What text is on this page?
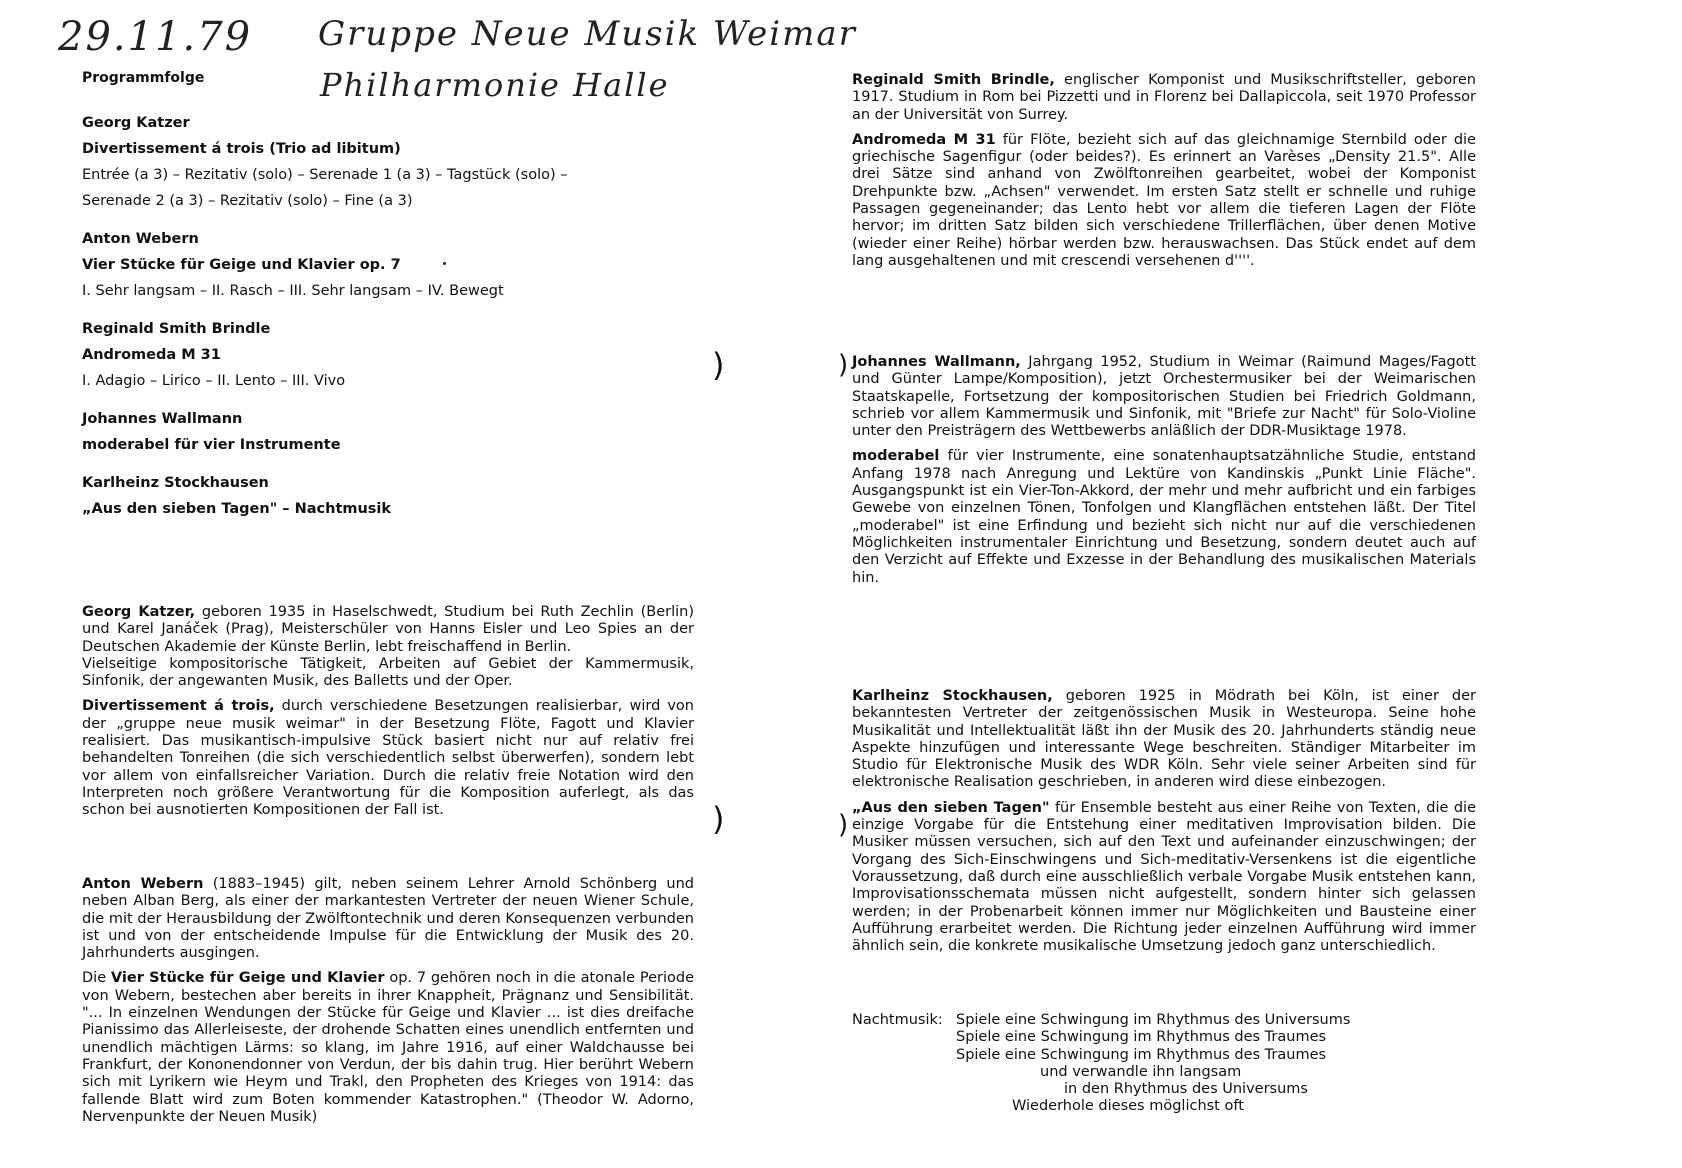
29.11.79 Gruppe Neue Musik Weimar
Philharmonie Halle
Programmfolge
Georg Katzer
Divertissement á trois (Trio ad libitum)
Entrée (a 3) – Rezitativ (solo) – Serenade 1 (a 3) – Tagstück (solo) –
Serenade 2 (a 3) – Rezitativ (solo) – Fine (a 3)
Anton Webern
Vier Stücke für Geige und Klavier op. 7
I. Sehr langsam – II. Rasch – III. Sehr langsam – IV. Bewegt
Reginald Smith Brindle
Andromeda M 31
I. Adagio – Lirico – II. Lento – III. Vivo
Johannes Wallmann
moderabel für vier Instrumente
Karlheinz Stockhausen
„Aus den sieben Tagen" – Nachtmusik

Georg Katzer, geboren 1935 in Haselschwedt, Studium bei Ruth Zechlin (Berlin) und Karel Janáček (Prag), Meisterschüler von Hanns Eisler und Leo Spies an der Deutschen Akademie der Künste Berlin, lebt freischaffend in Berlin.

Vielseitige kompositorische Tätigkeit, Arbeiten auf Gebiet der Kammermusik, Sinfonik, der angewanten Musik, des Balletts und der Oper.

Divertissement á trois, durch verschiedene Besetzungen realisierbar, wird von der „gruppe neue musik weimar" in der Besetzung Flöte, Fagott und Klavier realisiert. Das musikantisch-impulsive Stück basiert nicht nur auf relativ frei behandelten Tonreihen (die sich verschiedentlich selbst überwerfen), sondern lebt vor allem von einfallsreicher Variation. Durch die relativ freie Notation wird den Interpreten noch größere Verantwortung für die Komposition auferlegt, als das schon bei ausnotierten Kompositionen der Fall ist.

Anton Webern (1883–1945) gilt, neben seinem Lehrer Arnold Schönberg und neben Alban Berg, als einer der markantesten Vertreter der neuen Wiener Schule, die mit der Herausbildung der Zwölftontechnik und deren Konsequenzen verbunden ist und von der entscheidende Impulse für die Entwicklung der Musik des 20. Jahrhunderts ausgingen.

Die Vier Stücke für Geige und Klavier op. 7 gehören noch in die atonale Periode von Webern, bestechen aber bereits in ihrer Knappheit, Prägnanz und Sensibilität. "... In einzelnen Wendungen der Stücke für Geige und Klavier ... ist dies dreifache Pianissimo das Allerleiseste, der drohende Schatten eines unendlich entfernten und unendlich mächtigen Lärms: so klang, im Jahre 1916, auf einer Waldchausse bei Frankfurt, der Kononendonner von Verdun, der bis dahin trug. Hier berührt Webern sich mit Lyrikern wie Heym und Trakl, den Propheten des Krieges von 1914: das fallende Blatt wird zum Boten kommender Katastrophen." (Theodor W. Adorno, Nervenpunkte der Neuen Musik)

Reginald Smith Brindle, englischer Komponist und Musikschriftsteller, geboren 1917. Studium in Rom bei Pizzetti und in Florenz bei Dallapiccola, seit 1970 Professor an der Universität von Surrey.

Andromeda M 31 für Flöte, bezieht sich auf das gleichnamige Sternbild oder die griechische Sagenfigur (oder beides?). Es erinnert an Varèses „Density 21.5". Alle drei Sätze sind anhand von Zwölftonreihen gearbeitet, wobei der Komponist Drehpunkte bzw. „Achsen" verwendet. Im ersten Satz stellt er schnelle und ruhige Passagen gegeneinander; das Lento hebt vor allem die tieferen Lagen der Flöte hervor; im dritten Satz bilden sich verschiedene Trillerflächen, über denen Motive (wieder einer Reihe) hörbar werden bzw. herauswachsen. Das Stück endet auf dem lang ausgehaltenen und mit crescendi versehenen d''''.

Johannes Wallmann, Jahrgang 1952, Studium in Weimar (Raimund Mages/Fagott und Günter Lampe/Komposition), jetzt Orchestermusiker bei der Weimarischen Staatskapelle, Fortsetzung der kompositorischen Studien bei Friedrich Goldmann, schrieb vor allem Kammermusik und Sinfonik, mit "Briefe zur Nacht" für Solo-Violine unter den Preisträgern des Wettbewerbs anläßlich der DDR-Musiktage 1978.

moderabel für vier Instrumente, eine sonatenhauptsatzähnliche Studie, entstand Anfang 1978 nach Anregung und Lektüre von Kandinskis „Punkt Linie Fläche". Ausgangspunkt ist ein Vier-Ton-Akkord, der mehr und mehr aufbricht und ein farbiges Gewebe von einzelnen Tönen, Tonfolgen und Klangflächen entstehen läßt. Der Titel „moderabel" ist eine Erfindung und bezieht sich nicht nur auf die verschiedenen Möglichkeiten instrumentaler Einrichtung und Besetzung, sondern deutet auch auf den Verzicht auf Effekte und Exzesse in der Behandlung des musikalischen Materials hin.

Karlheinz Stockhausen, geboren 1925 in Mödrath bei Köln, ist einer der bekanntesten Vertreter der zeitgenössischen Musik in Westeuropa. Seine hohe Musikalität und Intellektualität läßt ihn der Musik des 20. Jahrhunderts ständig neue Aspekte hinzufügen und interessante Wege beschreiten. Ständiger Mitarbeiter im Studio für Elektronische Musik des WDR Köln. Sehr viele seiner Arbeiten sind für elektronische Realisation geschrieben, in anderen wird diese einbezogen.

„Aus den sieben Tagen" für Ensemble besteht aus einer Reihe von Texten, die die einzige Vorgabe für die Entstehung einer meditativen Improvisation bilden. Die Musiker müssen versuchen, sich auf den Text und aufeinander einzuschwingen; der Vorgang des Sich-Einschwingens und Sich-meditativ-Versenkens ist die eigentliche Voraussetzung, daß durch eine ausschließlich verbale Vorgabe Musik entstehen kann, Improvisationsschemata müssen nicht aufgestellt, sondern hinter sich gelassen werden; in der Probenarbeit können immer nur Möglichkeiten und Bausteine einer Aufführung erarbeitet werden. Die Richtung jeder einzelnen Aufführung wird immer ähnlich sein, die konkrete musikalische Umsetzung jedoch ganz unterschiedlich.

Nachtmusik: Spiele eine Schwingung im Rhythmus des Universums
Spiele eine Schwingung im Rhythmus des Traumes
Spiele eine Schwingung im Rhythmus des Traumes
und verwandle ihn langsam
in den Rhythmus des Universums
Wiederhole dieses möglichst oft
)
)
)
)
